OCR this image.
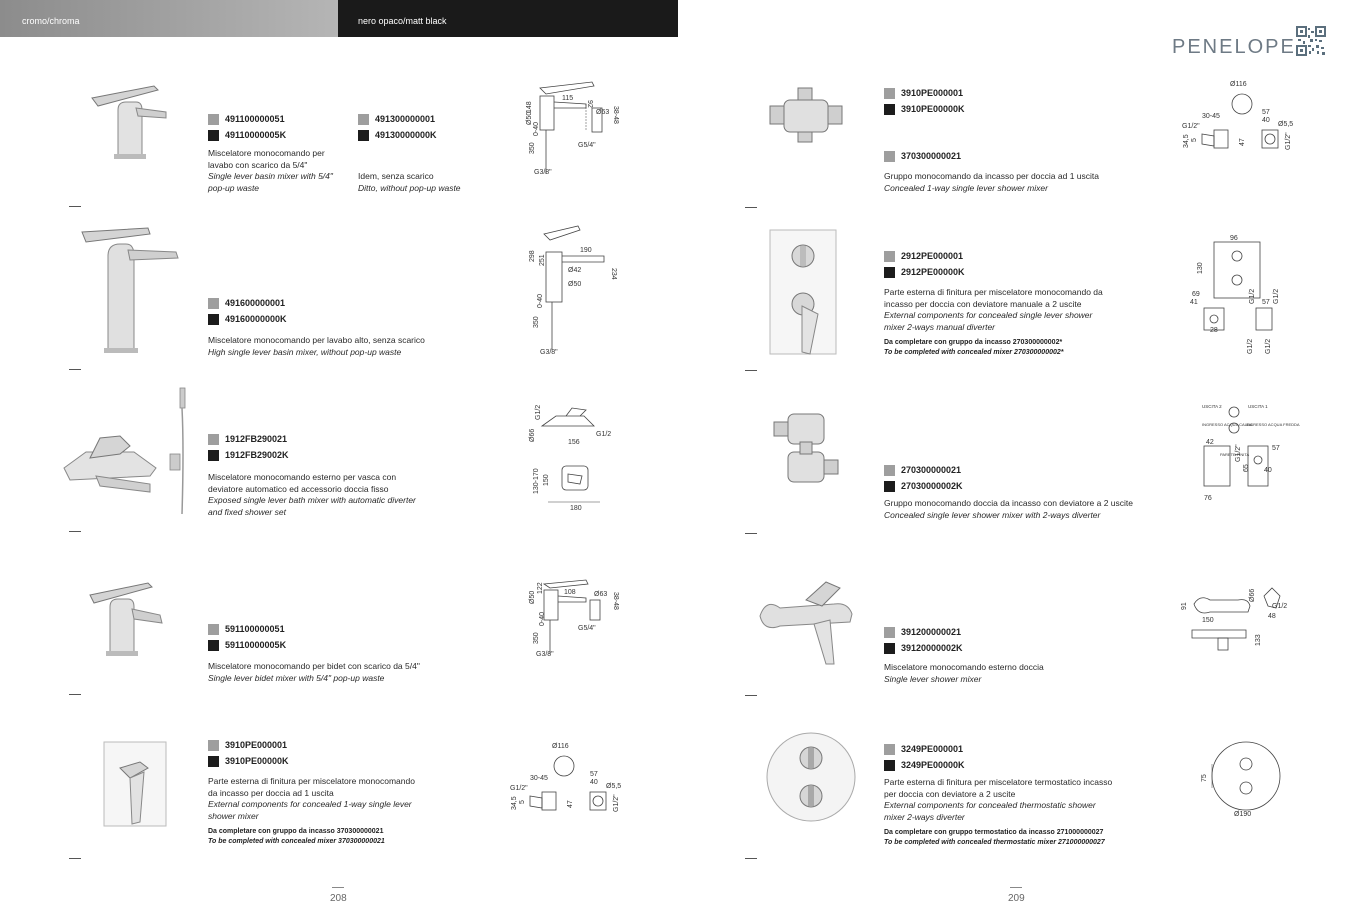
cromo/chroma	nero opaco/matt black
PENELOPE
491100000051
49110000005K
491300000001
49130000000K
Miscelatore monocomando per lavabo con scarico da 5/4"
Single lever basin mixer with 5/4" pop-up waste
Idem, senza scarico
Ditto, without pop-up waste
148
115
92
Ø50	Ø63
0-40
38-48
350	G5/4"
G3/8"
491600000001
49160000000K
Miscelatore monocomando per lavabo alto, senza scarico
High single lever basin mixer, without pop-up waste
190
298 251
234
Ø42
Ø50
0-40
350
G3/8"
1912FB290021
1912FB29002K
Miscelatore monocomando esterno per vasca con deviatore automatico ed accessorio doccia fisso
Exposed single lever bath mixer with automatic diverter and fixed shower set
G1/2
Ø66	G1/2
156
130-170 150
180
591100000051
59110000005K
Miscelatore monocomando per bidet con scarico da 5/4"
Single lever bidet mixer with 5/4" pop-up waste
122	108
Ø50	Ø63
0-40
38-48
350
G5/4"
G3/8"
3910PE000001
3910PE00000K
Parte esterna di finitura per miscelatore monocomando da incasso per doccia ad 1 uscita
External components for concealed 1-way single lever shower mixer
Da completare con gruppo da incasso 370300000021
To be completed with concealed mixer 370300000021
Ø116
30-45
57
40
Ø5,5
G1/2"
34,5 5	47	G1/2"
208
3910PE000001
3910PE00000K
370300000021
Gruppo monocomando da incasso per doccia ad 1 uscita
Concealed 1-way single lever shower mixer
Ø116
30-45
57
40
Ø5,5
G1/2"
34,5 5	47	G1/2"
2912PE000001
2912PE00000K
Parte esterna di finitura per miscelatore monocomando da incasso per doccia con deviatore manuale a 2 uscite
External components for concealed single lever shower mixer 2-ways manual diverter
Da completare con gruppo da incasso 270300000002*
To be completed with concealed mixer 270300000002*
96
130
69
41
28
G1/2 57 G1/2
G1/2 G1/2
270300000021
27030000002K
Gruppo monocomando doccia da incasso con deviatore a 2 uscite
Concealed single lever shower mixer with 2-ways diverter
USCITA 2	USCITA 1
INGRESSO ACQUA CALDA
INGRESSO ACQUA FREDDA
42
57
40
65
G1/2"
PARETE FINITA
76
391200000021
39120000002K
Miscelatore monocomando esterno doccia
Single lever shower mixer
91
Ø66
G1/2
150
48
133
3249PE000001
3249PE00000K
Parte esterna di finitura per miscelatore termostatico incasso per doccia con deviatore a 2 uscite
External components for concealed thermostatic shower mixer 2-ways diverter
Da completare con gruppo termostatico da incasso 271000000027
To be completed with concealed thermostatic mixer 271000000027
75
Ø190
209
